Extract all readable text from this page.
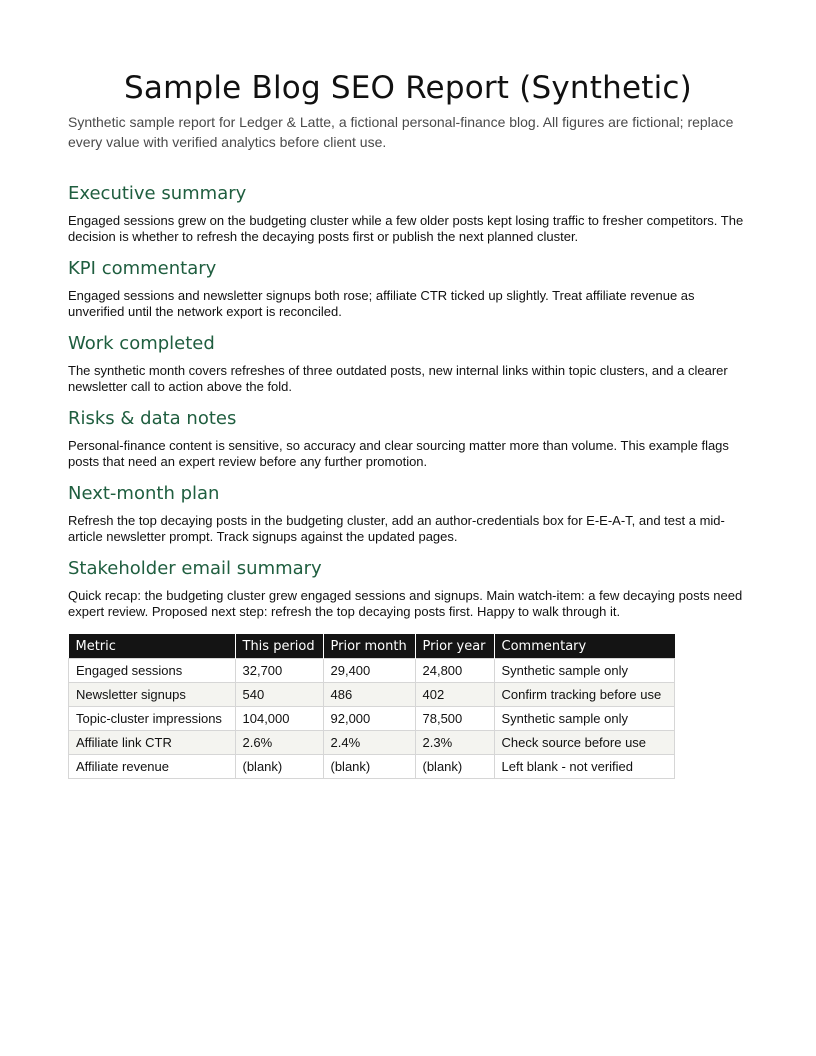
Sample Blog SEO Report (Synthetic)

Synthetic sample report for Ledger & Latte, a fictional personal-finance blog. All figures are fictional; replace every value with verified analytics before client use.

Executive summary

Engaged sessions grew on the budgeting cluster while a few older posts kept losing traffic to fresher competitors. The decision is whether to refresh the decaying posts first or publish the next planned cluster.

KPI commentary

Engaged sessions and newsletter signups both rose; affiliate CTR ticked up slightly. Treat affiliate revenue as unverified until the network export is reconciled.

Work completed

The synthetic month covers refreshes of three outdated posts, new internal links within topic clusters, and a clearer newsletter call to action above the fold.

Risks & data notes

Personal-finance content is sensitive, so accuracy and clear sourcing matter more than volume. This example flags posts that need an expert review before any further promotion.

Next-month plan

Refresh the top decaying posts in the budgeting cluster, add an author-credentials box for E-E-A-T, and test a mid-article newsletter prompt. Track signups against the updated pages.

Stakeholder email summary

Quick recap: the budgeting cluster grew engaged sessions and signups. Main watch-item: a few decaying posts need expert review. Proposed next step: refresh the top decaying posts first. Happy to walk through it.

Metric	This period	Prior month	Prior year	Commentary
Engaged sessions	32,700	29,400	24,800	Synthetic sample only
Newsletter signups	540	486	402	Confirm tracking before use
Topic-cluster impressions	104,000	92,000	78,500	Synthetic sample only
Affiliate link CTR	2.6%	2.4%	2.3%	Check source before use
Affiliate revenue	(blank)	(blank)	(blank)	Left blank - not verified
